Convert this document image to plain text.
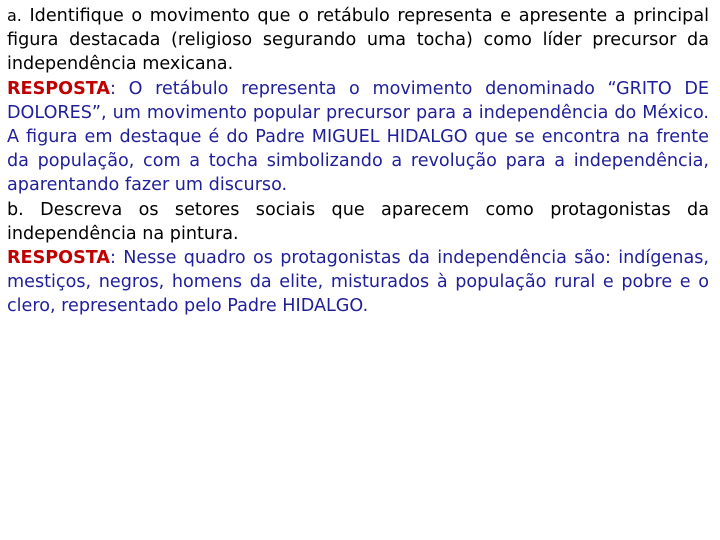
a. Identifique o movimento que o retábulo representa e apresente a principal figura destacada (religioso segurando uma tocha) como líder precursor da independência mexicana.

RESPOSTA: O retábulo representa o movimento denominado “GRITO DE DOLORES”, um movimento popular precursor para a independência do México. A figura em destaque é do Padre MIGUEL HIDALGO que se encontra na frente da população, com a tocha simbolizando a revolução para a independência, aparentando fazer um discurso.

b. Descreva os setores sociais que aparecem como protagonistas da independência na pintura.

RESPOSTA: Nesse quadro os protagonistas da independência são: indígenas, mestiços, negros, homens da elite, misturados à população rural e pobre e o clero, representado pelo Padre HIDALGO.
